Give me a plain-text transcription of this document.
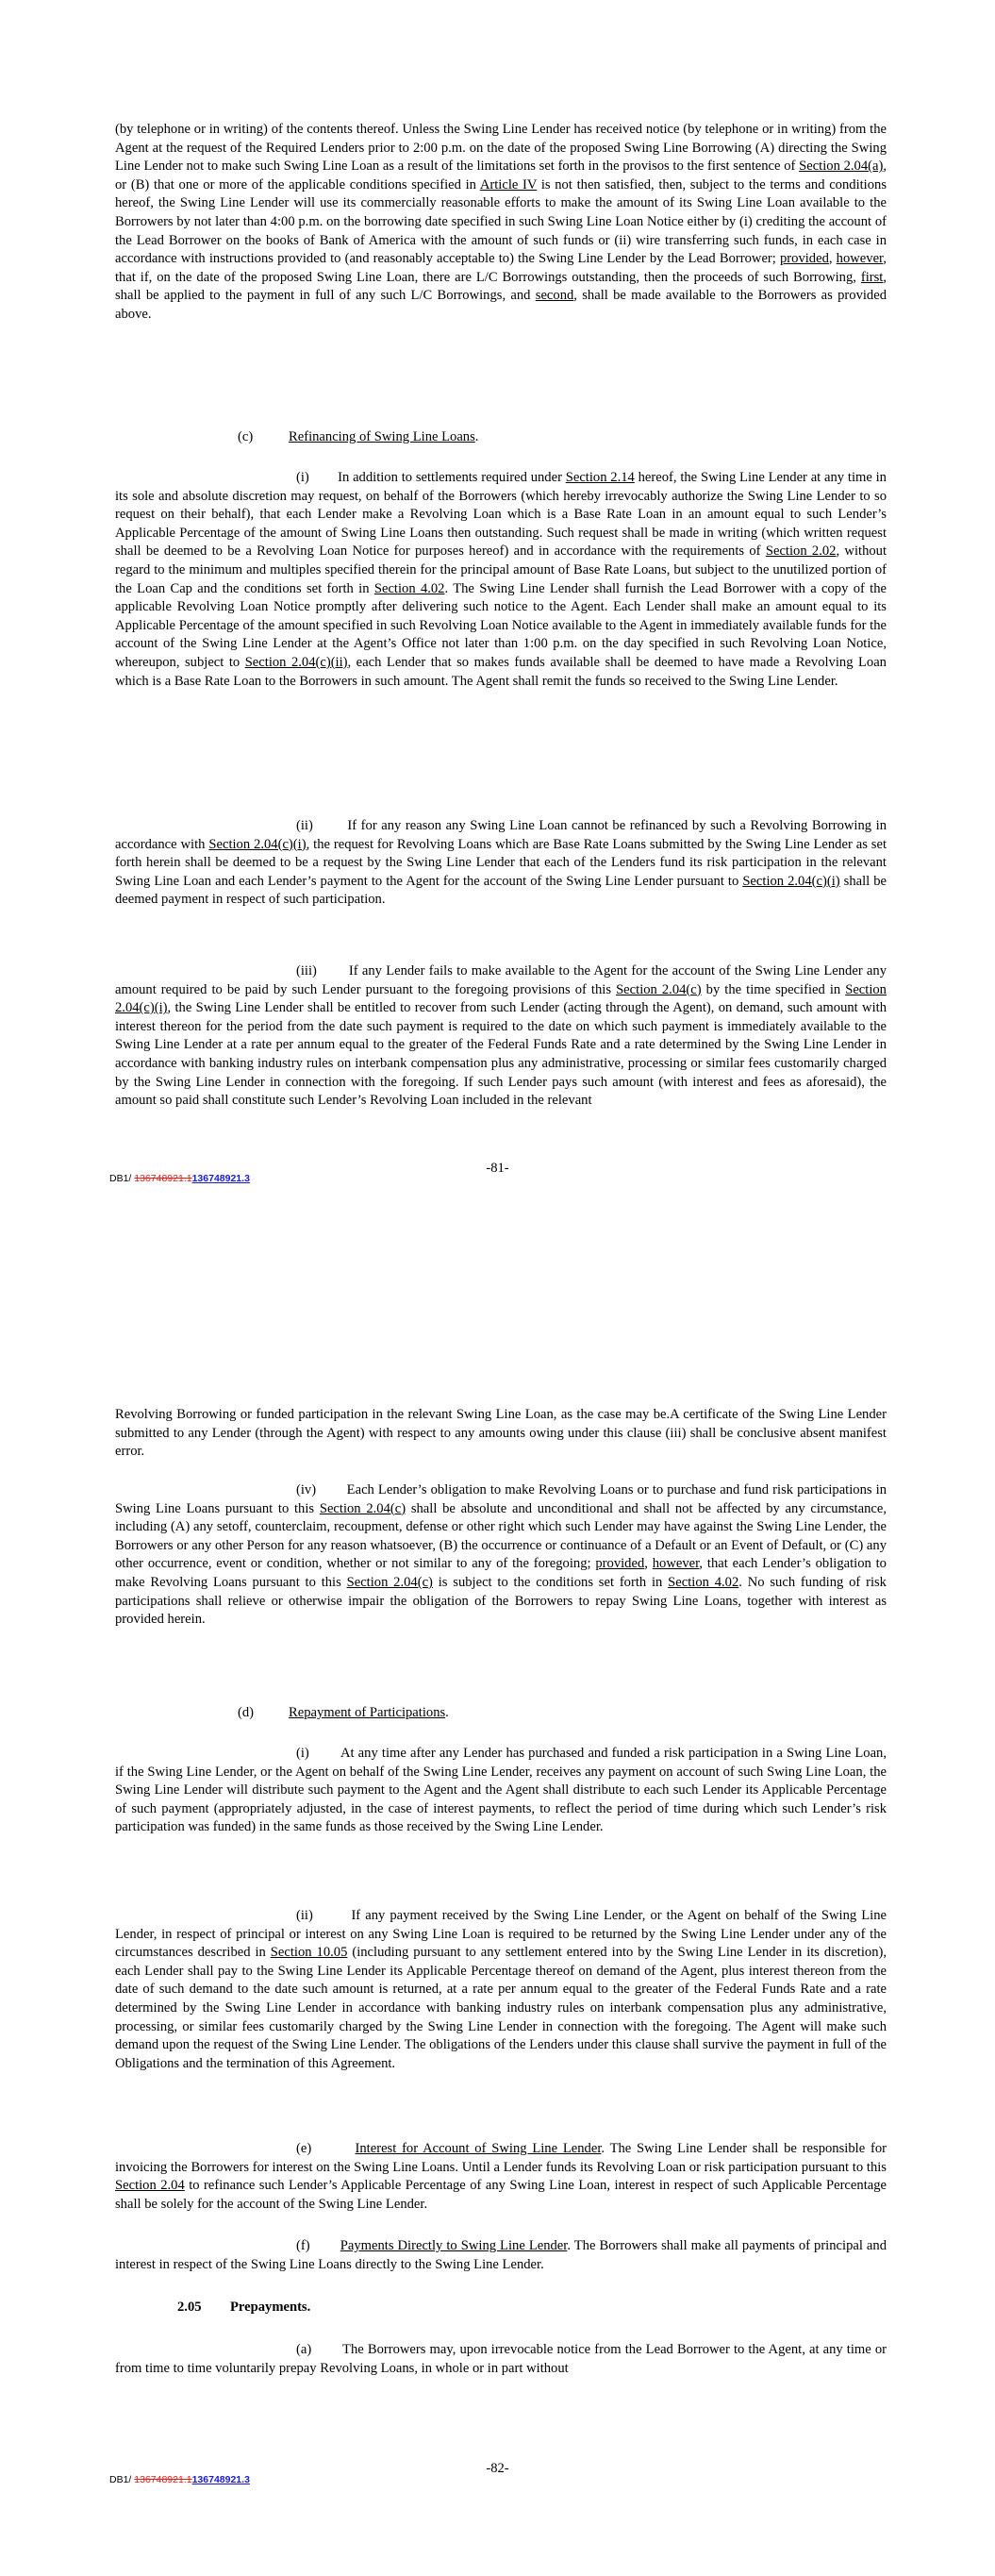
(by telephone or in writing) of the contents thereof. Unless the Swing Line Lender has received notice (by telephone or in writing) from the Agent at the request of the Required Lenders prior to 2:00 p.m. on the date of the proposed Swing Line Borrowing (A) directing the Swing Line Lender not to make such Swing Line Loan as a result of the limitations set forth in the provisos to the first sentence of Section 2.04(a), or (B) that one or more of the applicable conditions specified in Article IV is not then satisfied, then, subject to the terms and conditions hereof, the Swing Line Lender will use its commercially reasonable efforts to make the amount of its Swing Line Loan available to the Borrowers by not later than 4:00 p.m. on the borrowing date specified in such Swing Line Loan Notice either by (i) crediting the account of the Lead Borrower on the books of Bank of America with the amount of such funds or (ii) wire transferring such funds, in each case in accordance with instructions provided to (and reasonably acceptable to) the Swing Line Lender by the Lead Borrower; provided, however, that if, on the date of the proposed Swing Line Loan, there are L/C Borrowings outstanding, then the proceeds of such Borrowing, first, shall be applied to the payment in full of any such L/C Borrowings, and second, shall be made available to the Borrowers as provided above.

(c)	Refinancing of Swing Line Loans.

(i)        In addition to settlements required under Section 2.14 hereof, the Swing Line Lender at any time in its sole and absolute discretion may request, on behalf of the Borrowers (which hereby irrevocably authorize the Swing Line Lender to so request on their behalf), that each Lender make a Revolving Loan which is a Base Rate Loan in an amount equal to such Lender’s Applicable Percentage of the amount of Swing Line Loans then outstanding. Such request shall be made in writing (which written request shall be deemed to be a Revolving Loan Notice for purposes hereof) and in accordance with the requirements of Section 2.02, without regard to the minimum and multiples specified therein for the principal amount of Base Rate Loans, but subject to the unutilized portion of the Loan Cap and the conditions set forth in Section 4.02. The Swing Line Lender shall furnish the Lead Borrower with a copy of the applicable Revolving Loan Notice promptly after delivering such notice to the Agent. Each Lender shall make an amount equal to its Applicable Percentage of the amount specified in such Revolving Loan Notice available to the Agent in immediately available funds for the account of the Swing Line Lender at the Agent’s Office not later than 1:00 p.m. on the day specified in such Revolving Loan Notice, whereupon, subject to Section 2.04(c)(ii), each Lender that so makes funds available shall be deemed to have made a Revolving Loan which is a Base Rate Loan to the Borrowers in such amount. The Agent shall remit the funds so received to the Swing Line Lender.

(ii)        If for any reason any Swing Line Loan cannot be refinanced by such a Revolving Borrowing in accordance with Section 2.04(c)(i), the request for Revolving Loans which are Base Rate Loans submitted by the Swing Line Lender as set forth herein shall be deemed to be a request by the Swing Line Lender that each of the Lenders fund its risk participation in the relevant Swing Line Loan and each Lender’s payment to the Agent for the account of the Swing Line Lender pursuant to Section 2.04(c)(i) shall be deemed payment in respect of such participation.

(iii)        If any Lender fails to make available to the Agent for the account of the Swing Line Lender any amount required to be paid by such Lender pursuant to the foregoing provisions of this Section 2.04(c) by the time specified in Section 2.04(c)(i), the Swing Line Lender shall be entitled to recover from such Lender (acting through the Agent), on demand, such amount with interest thereon for the period from the date such payment is required to the date on which such payment is immediately available to the Swing Line Lender at a rate per annum equal to the greater of the Federal Funds Rate and a rate determined by the Swing Line Lender in accordance with banking industry rules on interbank compensation plus any administrative, processing or similar fees customarily charged by the Swing Line Lender in connection with the foregoing. If such Lender pays such amount (with interest and fees as aforesaid), the amount so paid shall constitute such Lender’s Revolving Loan included in the relevant

-81-
DB1/ 136748921.1136748921.3

Revolving Borrowing or funded participation in the relevant Swing Line Loan, as the case may be.A certificate of the Swing Line Lender submitted to any Lender (through the Agent) with respect to any amounts owing under this clause (iii) shall be conclusive absent manifest error.

(iv)        Each Lender’s obligation to make Revolving Loans or to purchase and fund risk participations in Swing Line Loans pursuant to this Section 2.04(c) shall be absolute and unconditional and shall not be affected by any circumstance, including (A) any setoff, counterclaim, recoupment, defense or other right which such Lender may have against the Swing Line Lender, the Borrowers or any other Person for any reason whatsoever, (B) the occurrence or continuance of a Default or an Event of Default, or (C) any other occurrence, event or condition, whether or not similar to any of the foregoing; provided, however, that each Lender’s obligation to make Revolving Loans pursuant to this Section 2.04(c) is subject to the conditions set forth in Section 4.02. No such funding of risk participations shall relieve or otherwise impair the obligation of the Borrowers to repay Swing Line Loans, together with interest as provided herein.

(d)	Repayment of Participations.

(i)        At any time after any Lender has purchased and funded a risk participation in a Swing Line Loan, if the Swing Line Lender, or the Agent on behalf of the Swing Line Lender, receives any payment on account of such Swing Line Loan, the Swing Line Lender will distribute such payment to the Agent and the Agent shall distribute to each such Lender its Applicable Percentage of such payment (appropriately adjusted, in the case of interest payments, to reflect the period of time during which such Lender’s risk participation was funded) in the same funds as those received by the Swing Line Lender.

(ii)        If any payment received by the Swing Line Lender, or the Agent on behalf of the Swing Line Lender, in respect of principal or interest on any Swing Line Loan is required to be returned by the Swing Line Lender under any of the circumstances described in Section 10.05 (including pursuant to any settlement entered into by the Swing Line Lender in its discretion), each Lender shall pay to the Swing Line Lender its Applicable Percentage thereof on demand of the Agent, plus interest thereon from the date of such demand to the date such amount is returned, at a rate per annum equal to the greater of the Federal Funds Rate and a rate determined by the Swing Line Lender in accordance with banking industry rules on interbank compensation plus any administrative, processing, or similar fees customarily charged by the Swing Line Lender in connection with the foregoing. The Agent will make such demand upon the request of the Swing Line Lender. The obligations of the Lenders under this clause shall survive the payment in full of the Obligations and the termination of this Agreement.

(e)        Interest for Account of Swing Line Lender. The Swing Line Lender shall be responsible for invoicing the Borrowers for interest on the Swing Line Loans. Until a Lender funds its Revolving Loan or risk participation pursuant to this Section 2.04 to refinance such Lender’s Applicable Percentage of any Swing Line Loan, interest in respect of such Applicable Percentage shall be solely for the account of the Swing Line Lender.

(f)        Payments Directly to Swing Line Lender. The Borrowers shall make all payments of principal and interest in respect of the Swing Line Loans directly to the Swing Line Lender.

2.05 Prepayments.

(a)        The Borrowers may, upon irrevocable notice from the Lead Borrower to the Agent, at any time or from time to time voluntarily prepay Revolving Loans, in whole or in part without

-82-
DB1/ 136748921.1136748921.3
